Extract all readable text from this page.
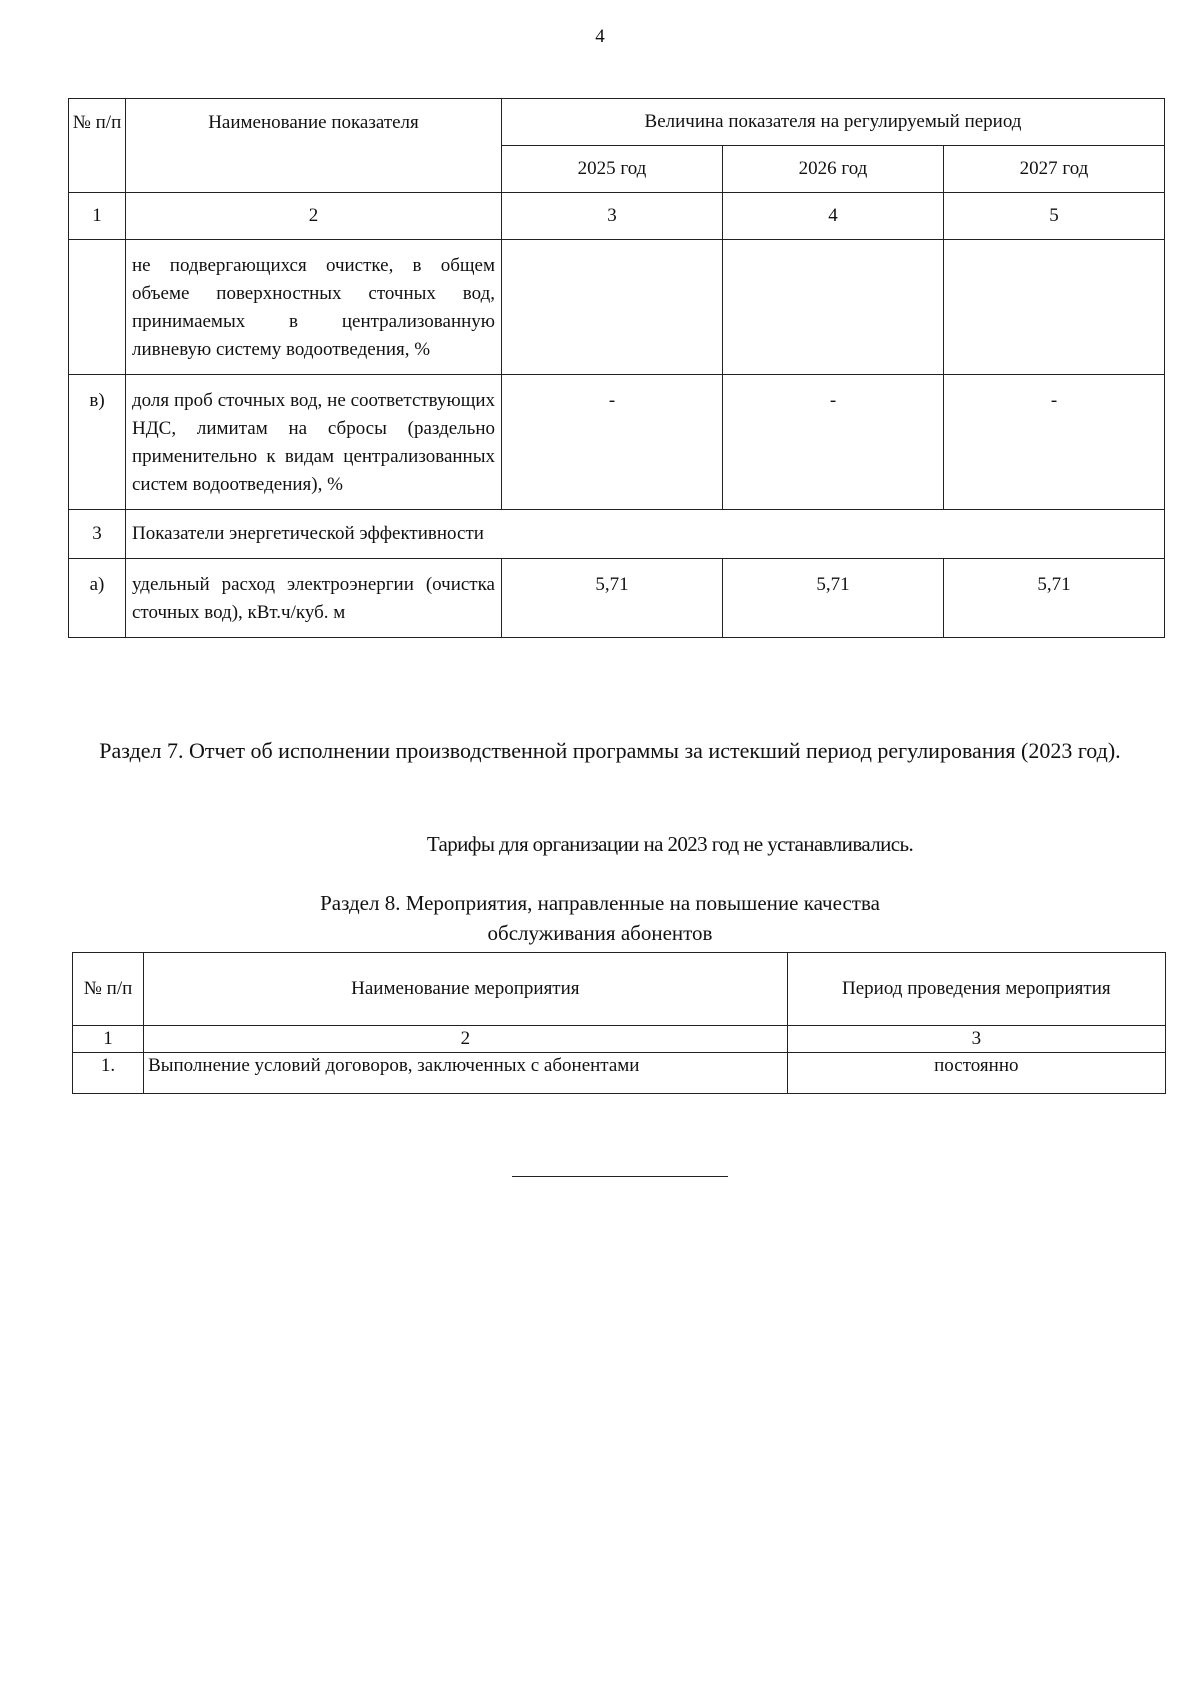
4
№ п/п	Наименование показателя	Величина показателя на регулируемый период		
		2025 год	2026 год	2027 год
1	2	3	4	5
	не подвергающихся очистке, в общем объеме поверхностных сточных вод, принимаемых в централизованную ливневую систему водоотведения, %			
в)	доля проб сточных вод, не соответствующих НДС, лимитам на сбросы (раздельно применительно к видам централизованных систем водоотведения), %	-	-	-
3	Показатели энергетической эффективности			
а)	удельный расход электроэнергии (очистка сточных вод), кВт.ч/куб. м	5,71	5,71	5,71
Раздел 7. Отчет об исполнении производственной программы за истекший период регулирования (2023 год).
Тарифы для организации на 2023 год не устанавливались.
Раздел 8. Мероприятия, направленные на повышение качества
обслуживания абонентов
№ п/п	Наименование мероприятия	Период проведения мероприятия
1	2	3
1.	Выполнение условий договоров, заключенных с абонентами	постоянно
